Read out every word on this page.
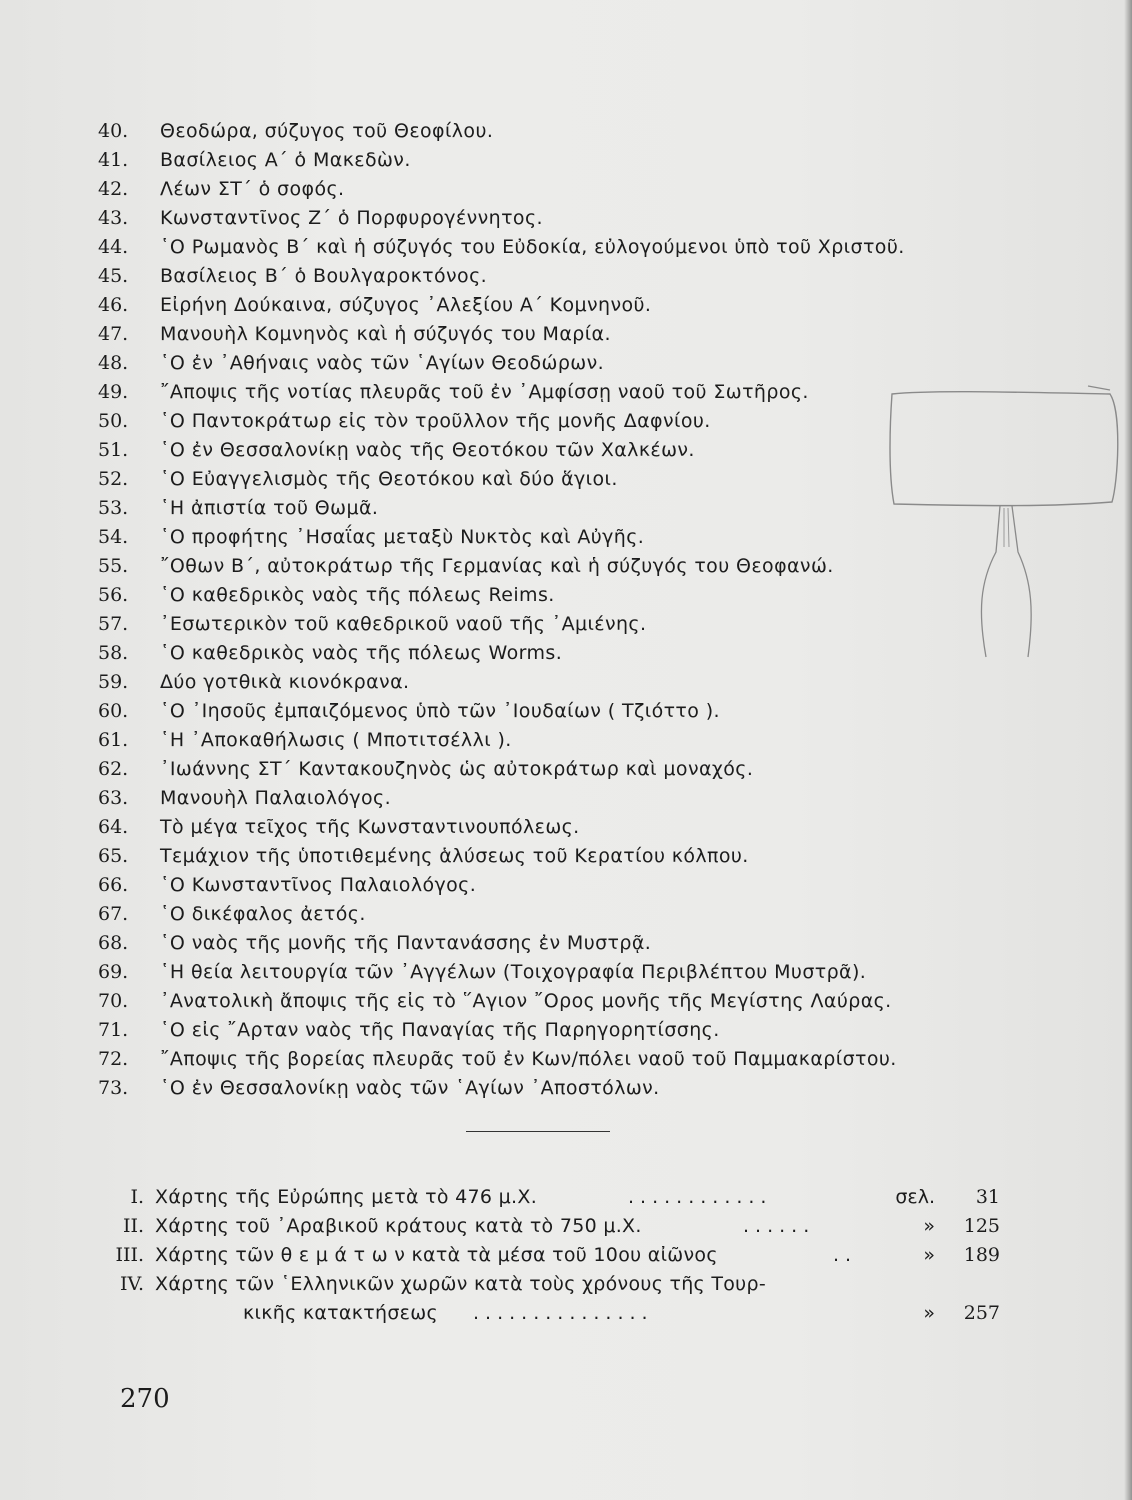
40.	Θεοδώρα, σύζυγος τοῦ Θεοφίλου.
41.	Βασίλειος Α΄ ὁ Μακεδὼν.
42.	Λέων ΣΤ΄ ὁ σοφός.
43.	Κωνσταντῖνος Ζ΄ ὁ Πορφυρογέννητος.
44.	῾Ο Ρωμανὸς Β΄ καὶ ἡ σύζυγός του Εὐδοκία, εὐλογούμενοι ὑπὸ τοῦ Χριστοῦ.
45.	Βασίλειος Β΄ ὁ Βουλγαροκτόνος.
46.	Εἰρήνη Δούκαινα, σύζυγος ᾿Αλεξίου Α΄ Κομνηνοῦ.
47.	Μανουὴλ Κομνηνὸς καὶ ἡ σύζυγός του Μαρία.
48.	῾Ο ἐν ᾿Αθήναις ναὸς τῶν ῾Αγίων Θεοδώρων.
49.	῎Αποψις τῆς νοτίας πλευρᾶς τοῦ ἐν ᾿Αμφίσσῃ ναοῦ τοῦ Σωτῆρος.
50.	῾Ο Παντοκράτωρ εἰς τὸν τροῦλλον τῆς μονῆς Δαφνίου.
51.	῾Ο ἐν Θεσσαλονίκῃ ναὸς τῆς Θεοτόκου τῶν Χαλκέων.
52.	῾Ο Εὐαγγελισμὸς τῆς Θεοτόκου καὶ δύο ἅγιοι.
53.	῾Η ἀπιστία τοῦ Θωμᾶ.
54.	῾Ο προφήτης ᾿Ησαΐας μεταξὺ Νυκτὸς καὶ Αὐγῆς.
55.	῎Οθων Β΄, αὐτοκράτωρ τῆς Γερμανίας καὶ ἡ σύζυγός του Θεοφανώ.
56.	῾Ο καθεδρικὸς ναὸς τῆς πόλεως Reims.
57.	᾿Εσωτερικὸν τοῦ καθεδρικοῦ ναοῦ τῆς ᾿Αμιένης.
58.	῾Ο καθεδρικὸς ναὸς τῆς πόλεως Worms.
59.	Δύο γοτθικὰ κιονόκρανα.
60.	῾Ο ᾿Ιησοῦς ἐμπαιζόμενος ὑπὸ τῶν ᾿Ιουδαίων ( Τζιόττο ).
61.	῾Η ᾿Αποκαθήλωσις ( Μποτιτσέλλι ).
62.	᾿Ιωάννης ΣΤ΄ Καντακουζηνὸς ὡς αὐτοκράτωρ καὶ μοναχός.
63.	Μανουὴλ Παλαιολόγος.
64.	Τὸ μέγα τεῖχος τῆς Κωνσταντινουπόλεως.
65.	Τεμάχιον τῆς ὑποτιθεμένης ἁλύσεως τοῦ Κερατίου κόλπου.
66.	῾Ο Κωνσταντῖνος Παλαιολόγος.
67.	῾Ο δικέφαλος ἀετός.
68.	῾Ο ναὸς τῆς μονῆς τῆς Παντανάσσης ἐν Μυστρᾷ.
69.	῾Η θεία λειτουργία τῶν ᾿Αγγέλων (Τοιχογραφία Περιβλέπτου Μυστρᾶ).
70.	᾿Ανατολικὴ ἄποψις τῆς εἰς τὸ ῞Αγιον ῎Ορος μονῆς τῆς Μεγίστης Λαύρας.
71.	῾Ο εἰς ῎Αρταν ναὸς τῆς Παναγίας τῆς Παρηγορητίσσης.
72.	῎Αποψις τῆς βορείας πλευρᾶς τοῦ ἐν Κων/πόλει ναοῦ τοῦ Παμμακαρίστου.
73.	῾Ο ἐν Θεσσαλονίκῃ ναὸς τῶν ῾Αγίων ᾿Αποστόλων.
I. Χάρτης τῆς Εὐρώπης μετὰ τὸ 476 μ.Χ.	............	σελ.	31
II. Χάρτης τοῦ ᾿Αραβικοῦ κράτους κατὰ τὸ 750 μ.Χ.	......	»	125
III. Χάρτης τῶν θ ε μ ά τ ω ν κατὰ τὰ μέσα τοῦ 10ου αἰῶνος	..	»	189
IV. Χάρτης τῶν ῾Ελληνικῶν χωρῶν κατὰ τοὺς χρόνους τῆς Τουρ-
κικῆς κατακτήσεως ...............	»	257
270
